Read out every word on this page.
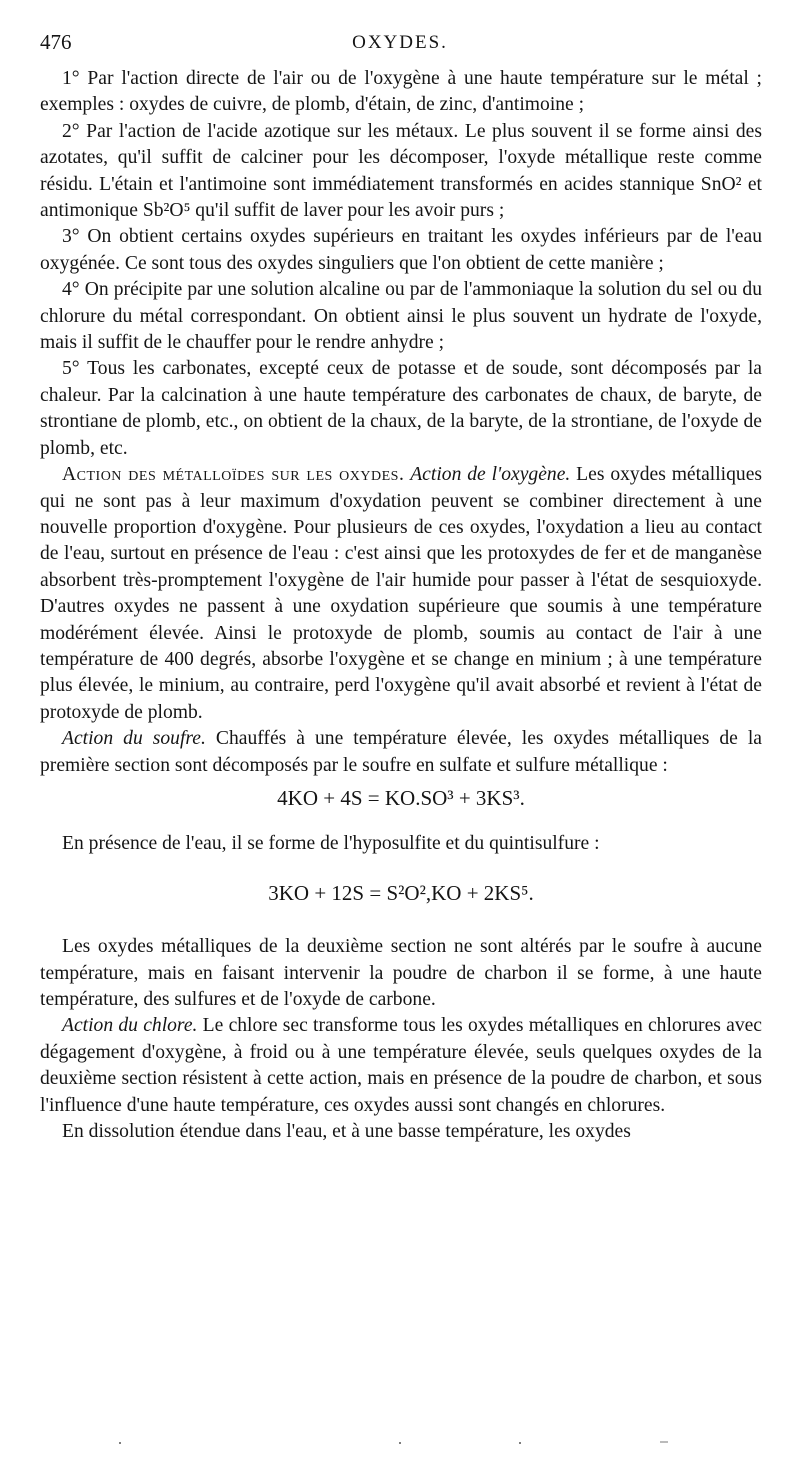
476	OXYDES.

1° Par l'action directe de l'air ou de l'oxygène à une haute température sur le métal ; exemples : oxydes de cuivre, de plomb, d'étain, de zinc, d'antimoine ;

2° Par l'action de l'acide azotique sur les métaux. Le plus souvent il se forme ainsi des azotates, qu'il suffit de calciner pour les décomposer, l'oxyde métallique reste comme résidu. L'étain et l'antimoine sont immédiatement transformés en acides stannique SnO² et antimonique Sb²O⁵ qu'il suffit de laver pour les avoir purs ;

3° On obtient certains oxydes supérieurs en traitant les oxydes inférieurs par de l'eau oxygénée. Ce sont tous des oxydes singuliers que l'on obtient de cette manière ;

4° On précipite par une solution alcaline ou par de l'ammoniaque la solution du sel ou du chlorure du métal correspondant. On obtient ainsi le plus souvent un hydrate de l'oxyde, mais il suffit de le chauffer pour le rendre anhydre ;

5° Tous les carbonates, excepté ceux de potasse et de soude, sont décomposés par la chaleur. Par la calcination à une haute température des carbonates de chaux, de baryte, de strontiane de plomb, etc., on obtient de la chaux, de la baryte, de la strontiane, de l'oxyde de plomb, etc.

Action des métalloïdes sur les oxydes. Action de l'oxygène. Les oxydes métalliques qui ne sont pas à leur maximum d'oxydation peuvent se combiner directement à une nouvelle proportion d'oxygène. Pour plusieurs de ces oxydes, l'oxydation a lieu au contact de l'eau, surtout en présence de l'eau : c'est ainsi que les protoxydes de fer et de manganèse absorbent très-promptement l'oxygène de l'air humide pour passer à l'état de sesquioxyde. D'autres oxydes ne passent à une oxydation supérieure que soumis à une température modérément élevée. Ainsi le protoxyde de plomb, soumis au contact de l'air à une température de 400 degrés, absorbe l'oxygène et se change en minium ; à une température plus élevée, le minium, au contraire, perd l'oxygène qu'il avait absorbé et revient à l'état de protoxyde de plomb.

Action du soufre. Chauffés à une température élevée, les oxydes métalliques de la première section sont décomposés par le soufre en sulfate et sulfure métallique :

4KO + 4S = KO.SO³ + 3KS³.

En présence de l'eau, il se forme de l'hyposulfite et du quintisulfure :

3KO + 12S = S²O²,KO + 2KS⁵.

Les oxydes métalliques de la deuxième section ne sont altérés par le soufre à aucune température, mais en faisant intervenir la poudre de charbon il se forme, à une haute température, des sulfures et de l'oxyde de carbone.

Action du chlore. Le chlore sec transforme tous les oxydes métalliques en chlorures avec dégagement d'oxygène, à froid ou à une température élevée, seuls quelques oxydes de la deuxième section résistent à cette action, mais en présence de la poudre de charbon, et sous l'influence d'une haute température, ces oxydes aussi sont changés en chlorures.

En dissolution étendue dans l'eau, et à une basse température, les oxydes
